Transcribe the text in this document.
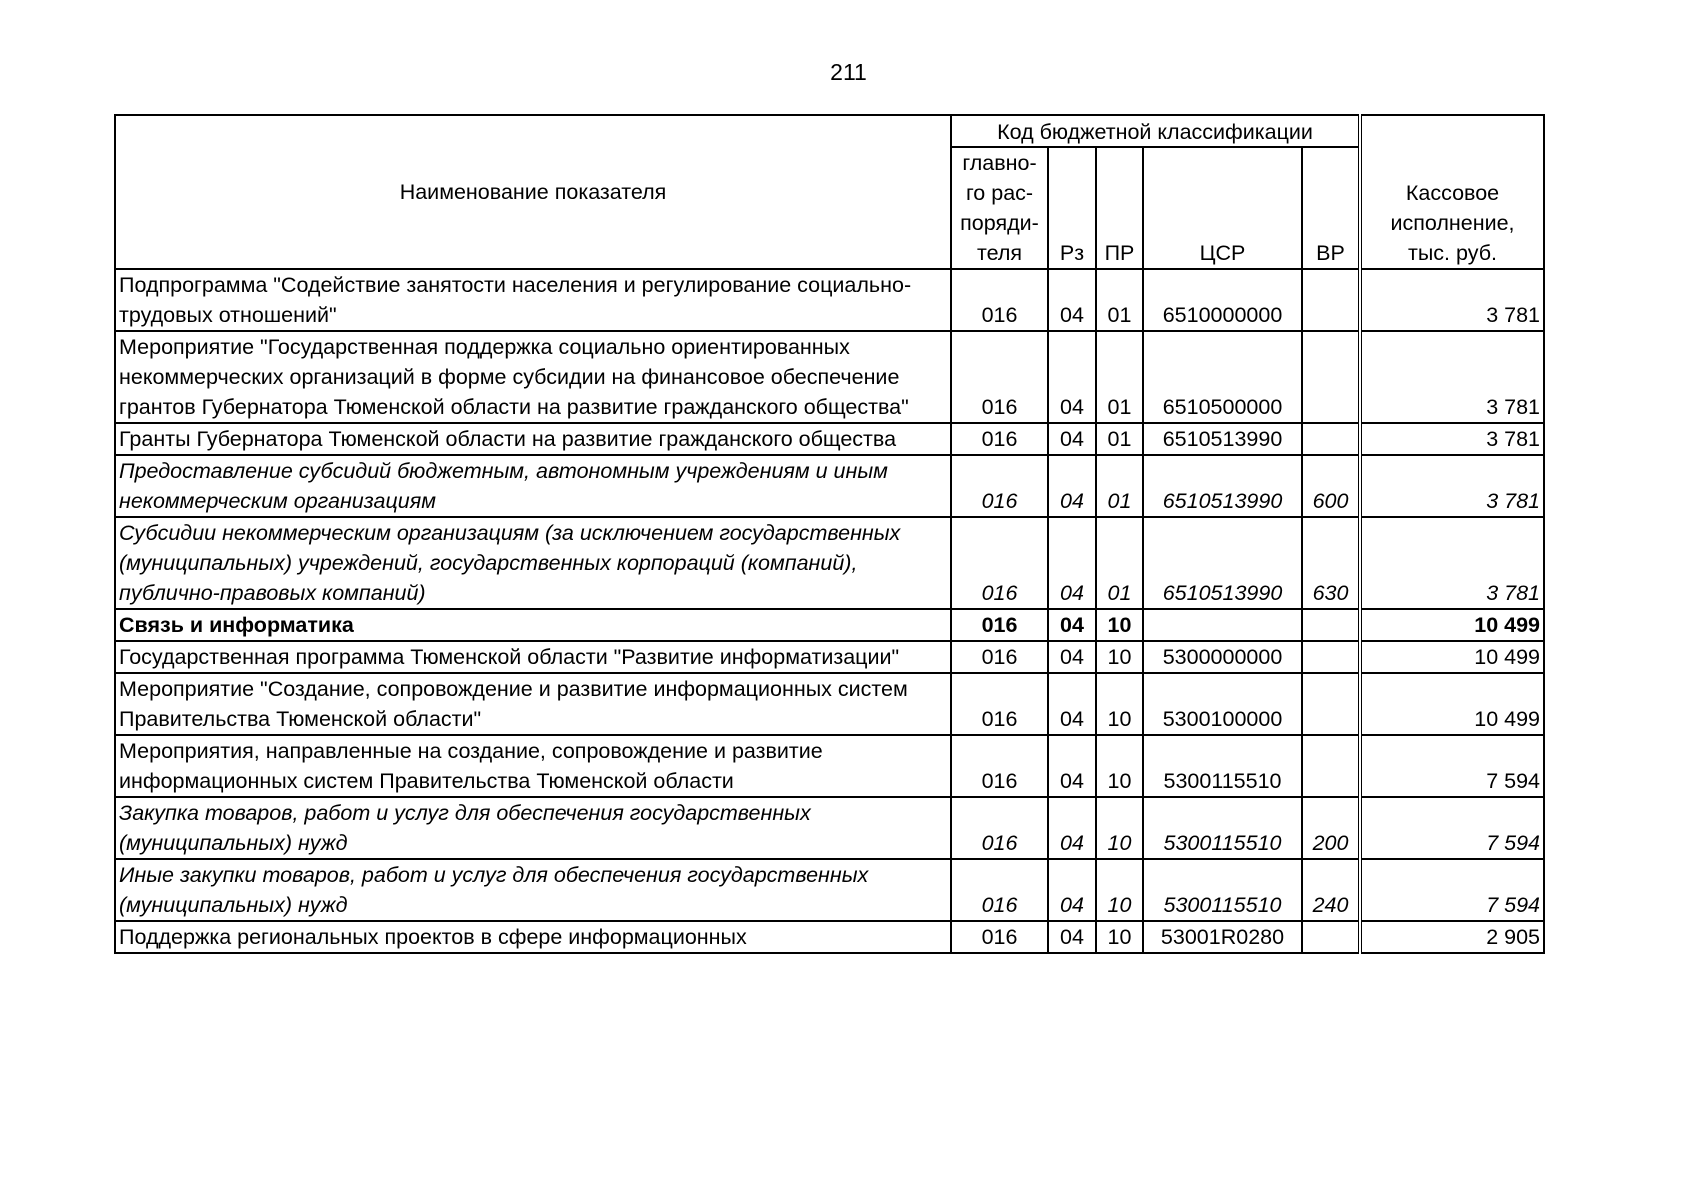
211
Наименование показателя	Код бюджетной классификации					Кассовое
исполнение,
тыс. руб.
	главно-
го рас-
поряди-
теля	Рз	ПР	ЦСР	ВР	
Подпрограмма "Содействие занятости населения и регулирование социально-трудовых отношений"	016	04	01	6510000000		3 781
Мероприятие "Государственная поддержка социально ориентированных некоммерческих организаций в форме субсидии на финансовое обеспечение грантов Губернатора Тюменской области на развитие гражданского общества"	016	04	01	6510500000		3 781
Гранты Губернатора Тюменской области на развитие гражданского общества	016	04	01	6510513990		3 781
Предоставление субсидий бюджетным, автономным учреждениям и иным некоммерческим организациям	016	04	01	6510513990	600	3 781
Субсидии некоммерческим организациям (за исключением государственных (муниципальных) учреждений, государственных корпораций (компаний), публично-правовых компаний)	016	04	01	6510513990	630	3 781
Связь и информатика	016	04	10			10 499
Государственная программа Тюменской области "Развитие информатизации"	016	04	10	5300000000		10 499
Мероприятие "Создание, сопровождение и развитие информационных систем Правительства Тюменской области"	016	04	10	5300100000		10 499
Мероприятия, направленные на создание, сопровождение и развитие информационных систем Правительства Тюменской области	016	04	10	5300115510		7 594
Закупка товаров, работ и услуг для обеспечения государственных (муниципальных) нужд	016	04	10	5300115510	200	7 594
Иные закупки товаров, работ и услуг для обеспечения государственных (муниципальных) нужд	016	04	10	5300115510	240	7 594
Поддержка региональных проектов в сфере информационных	016	04	10	53001R0280		2 905
